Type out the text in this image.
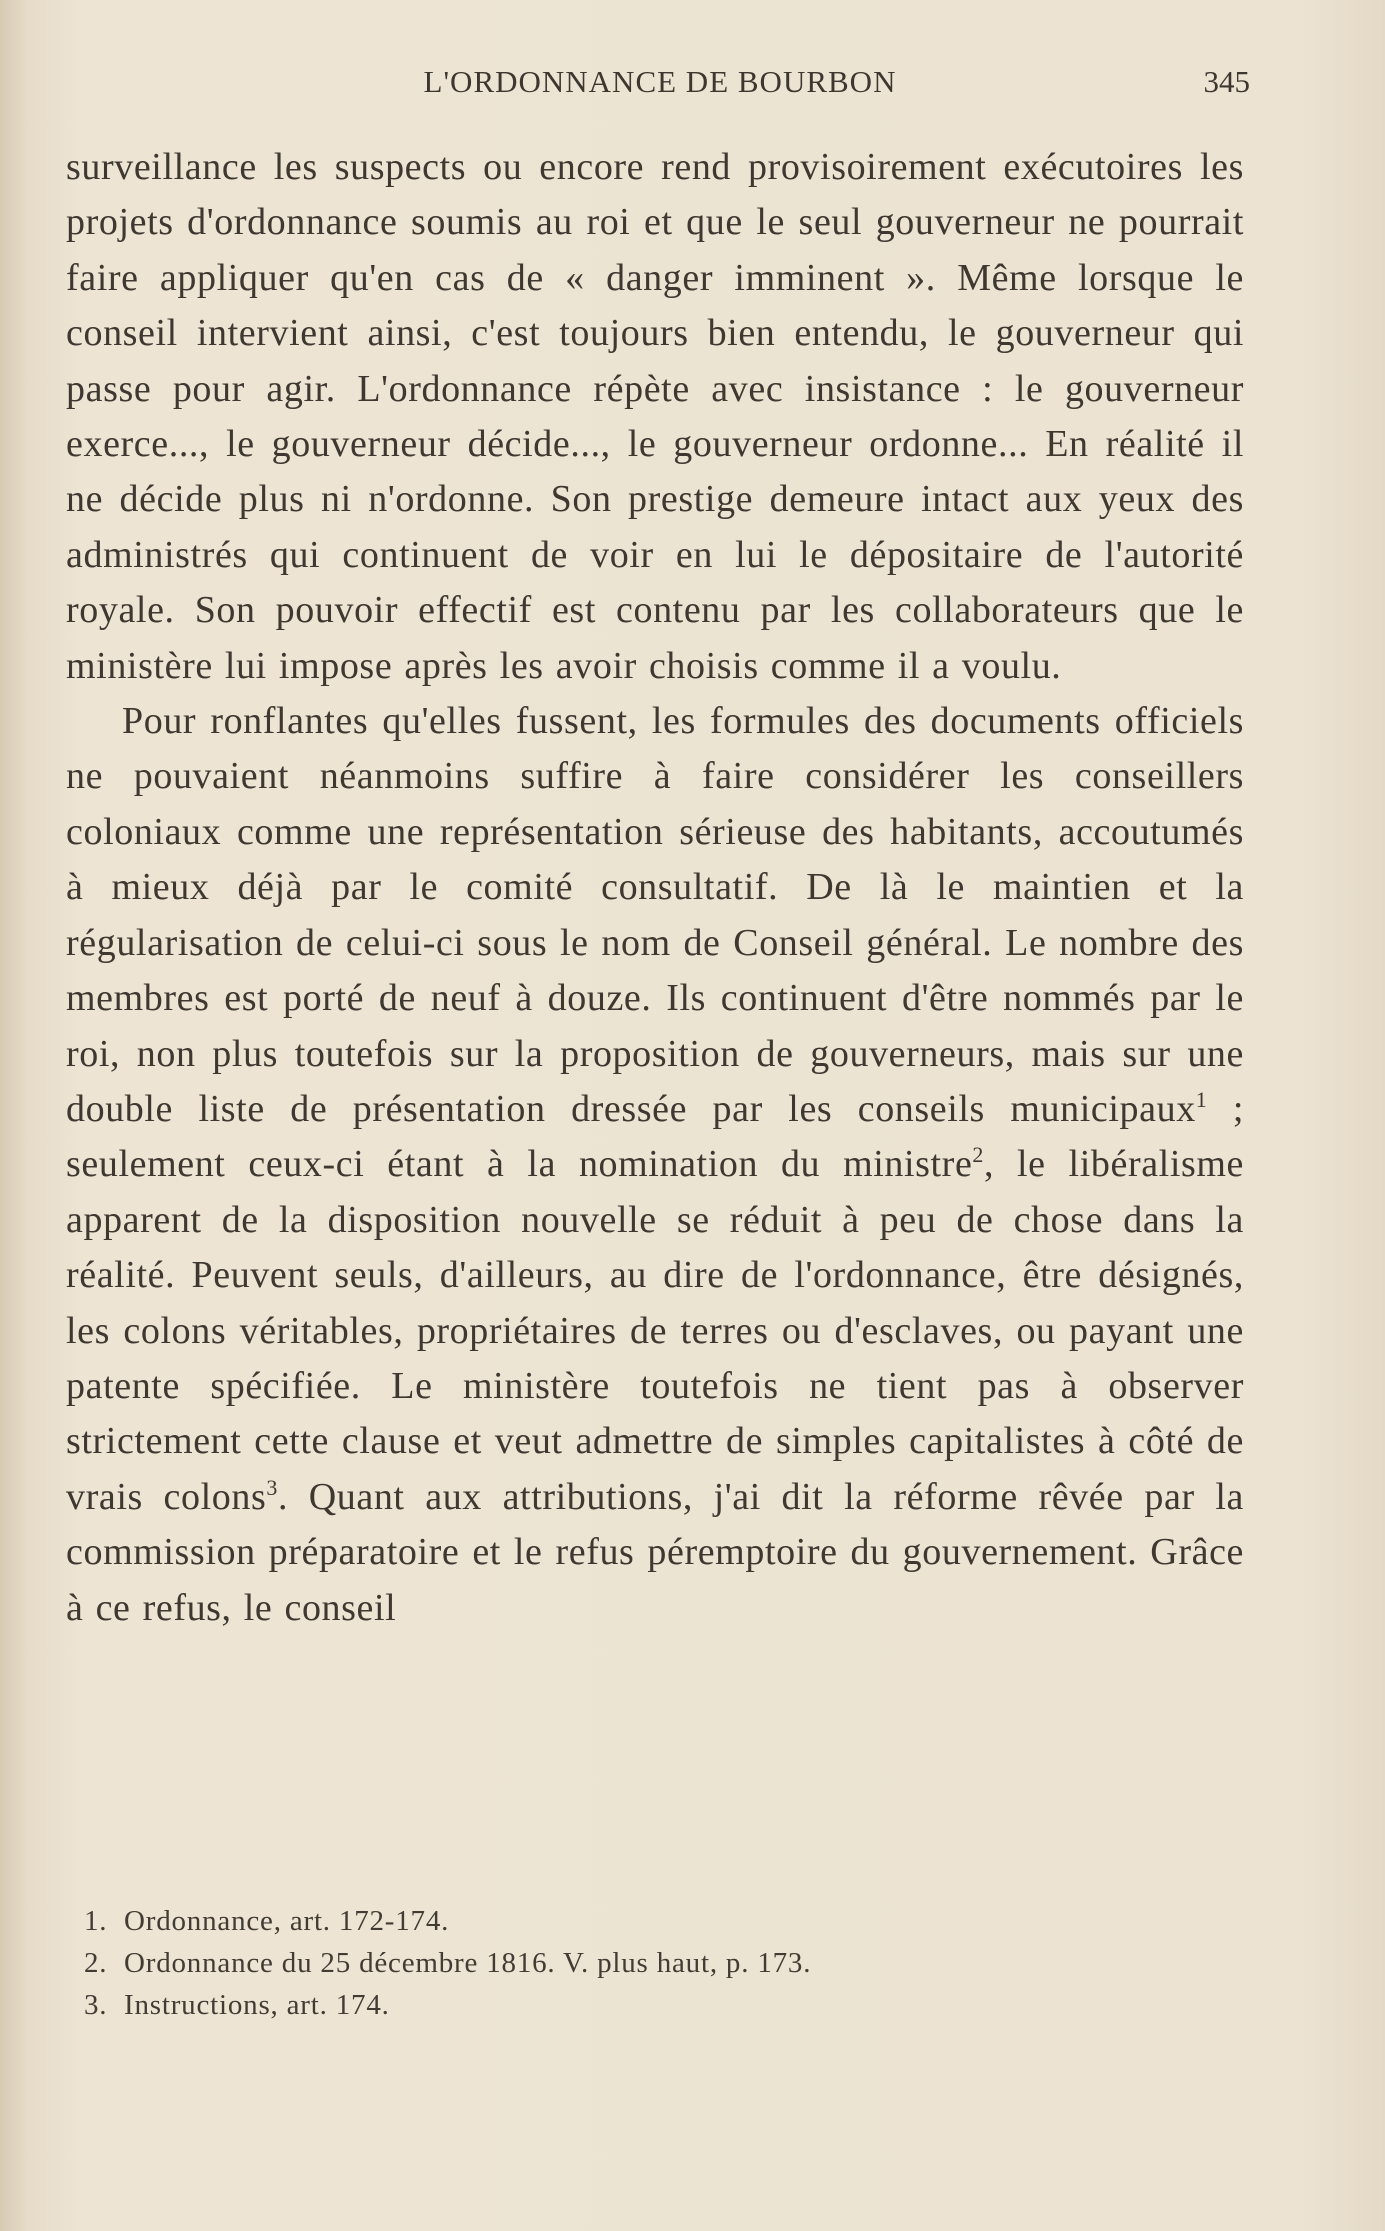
L'ORDONNANCE DE BOURBON	345

surveillance les suspects ou encore rend provisoirement exécutoires les projets d'ordonnance soumis au roi et que le seul gouverneur ne pourrait faire appliquer qu'en cas de « danger imminent ». Même lorsque le conseil intervient ainsi, c'est toujours bien entendu, le gouverneur qui passe pour agir. L'ordonnance répète avec insistance : le gouverneur exerce..., le gouverneur décide..., le gouverneur ordonne... En réalité il ne décide plus ni n'ordonne. Son prestige demeure intact aux yeux des administrés qui continuent de voir en lui le dépositaire de l'autorité royale. Son pouvoir effectif est contenu par les collaborateurs que le ministère lui impose après les avoir choisis comme il a voulu.

Pour ronflantes qu'elles fussent, les formules des documents officiels ne pouvaient néanmoins suffire à faire considérer les conseillers coloniaux comme une représentation sérieuse des habitants, accoutumés à mieux déjà par le comité consultatif. De là le maintien et la régularisation de celui-ci sous le nom de Conseil général. Le nombre des membres est porté de neuf à douze. Ils continuent d'être nommés par le roi, non plus toutefois sur la proposition de gouverneurs, mais sur une double liste de présentation dressée par les conseils municipaux$^1$ ; seulement ceux-ci étant à la nomination du ministre$^2$, le libéralisme apparent de la disposition nouvelle se réduit à peu de chose dans la réalité. Peuvent seuls, d'ailleurs, au dire de l'ordonnance, être désignés, les colons véritables, propriétaires de terres ou d'esclaves, ou payant une patente spécifiée. Le ministère toutefois ne tient pas à observer strictement cette clause et veut admettre de simples capitalistes à côté de vrais colons$^3$. Quant aux attributions, j'ai dit la réforme rêvée par la commission préparatoire et le refus péremptoire du gouvernement. Grâce à ce refus, le conseil

1. Ordonnance, art. 172-174.
2. Ordonnance du 25 décembre 1816. V. plus haut, p. 173.
3. Instructions, art. 174.
